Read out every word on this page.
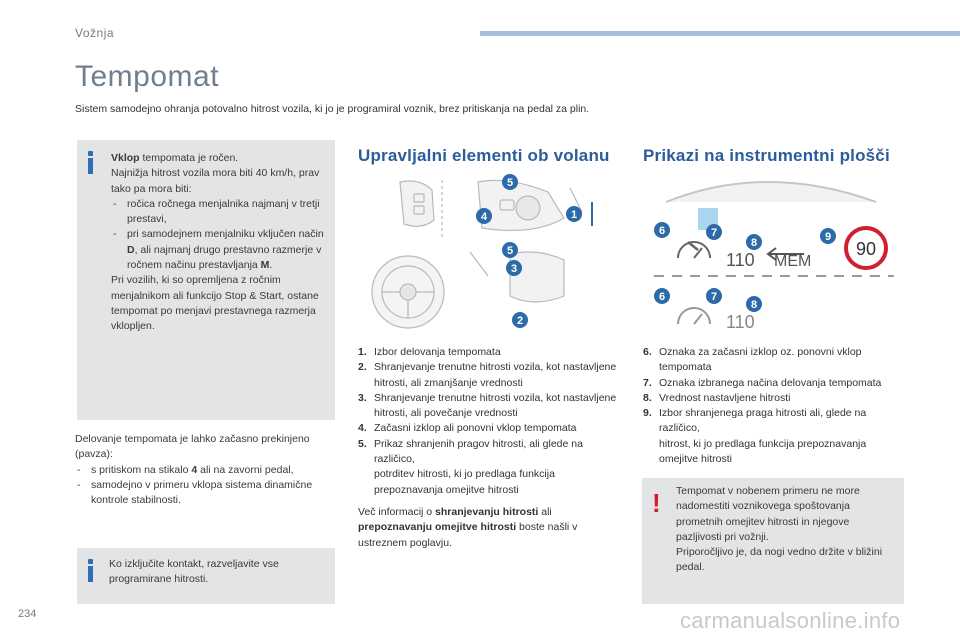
Vožnja
Tempomat
Sistem samodejno ohranja potovalno hitrost vozila, ki jo je programiral voznik, brez pritiskanja na pedal za plin.
Vklop tempomata je ročen.
Najnižja hitrost vozila mora biti 40 km/h, prav tako pa mora biti:
- ročica ročnega menjalnika najmanj v tretji prestavi,
- pri samodejnem menjalniku vključen način D, ali najmanj drugo prestavno razmerje v ročnem načinu prestavljanja M.
Pri vozilih, ki so opremljena z ročnim menjalnikom ali funkcijo Stop & Start, ostane tempomat po menjavi prestavnega razmerja vklopljen.
Delovanje tempomata je lahko začasno prekinjeno (pavza):
- s pritiskom na stikalo 4 ali na zavorni pedal,
- samodejno v primeru vklopa sistema dinamične kontrole stabilnosti.
Ko izključite kontakt, razveljavite vse programirane hitrosti.
Upravljalni elementi ob volanu
5
1
4
5
3
2
1. Izbor delovanja tempomata
2. Shranjevanje trenutne hitrosti vozila, kot nastavljene hitrosti, ali zmanjšanje vrednosti
3. Shranjevanje trenutne hitrosti vozila, kot nastavljene hitrosti, ali povečanje vrednosti
4. Začasni izklop ali ponovni vklop tempomata
5. Prikaz shranjenih pragov hitrosti, ali glede na različico,
potrditev hitrosti, ki jo predlaga funkcija prepoznavanja omejitve hitrosti
Več informacij o shranjevanju hitrosti ali prepoznavanju omejitve hitrosti boste našli v ustreznem poglavju.
Prikazi na instrumentni plošči
110 MEM
90
110
6	7
8	9
6	7
8
6. Oznaka za začasni izklop oz. ponovni vklop tempomata
7. Oznaka izbranega načina delovanja tempomata
8. Vrednost nastavljene hitrosti
9. Izbor shranjenega praga hitrosti ali, glede na različico,
hitrost, ki jo predlaga funkcija prepoznavanja omejitve hitrosti
Tempomat v nobenem primeru ne more nadomestiti voznikovega spoštovanja prometnih omejitev hitrosti in njegove pazljivosti pri vožnji.
Priporočljivo je, da nogi vedno držite v bližini pedal.
!
234	carmanualsonline.info
